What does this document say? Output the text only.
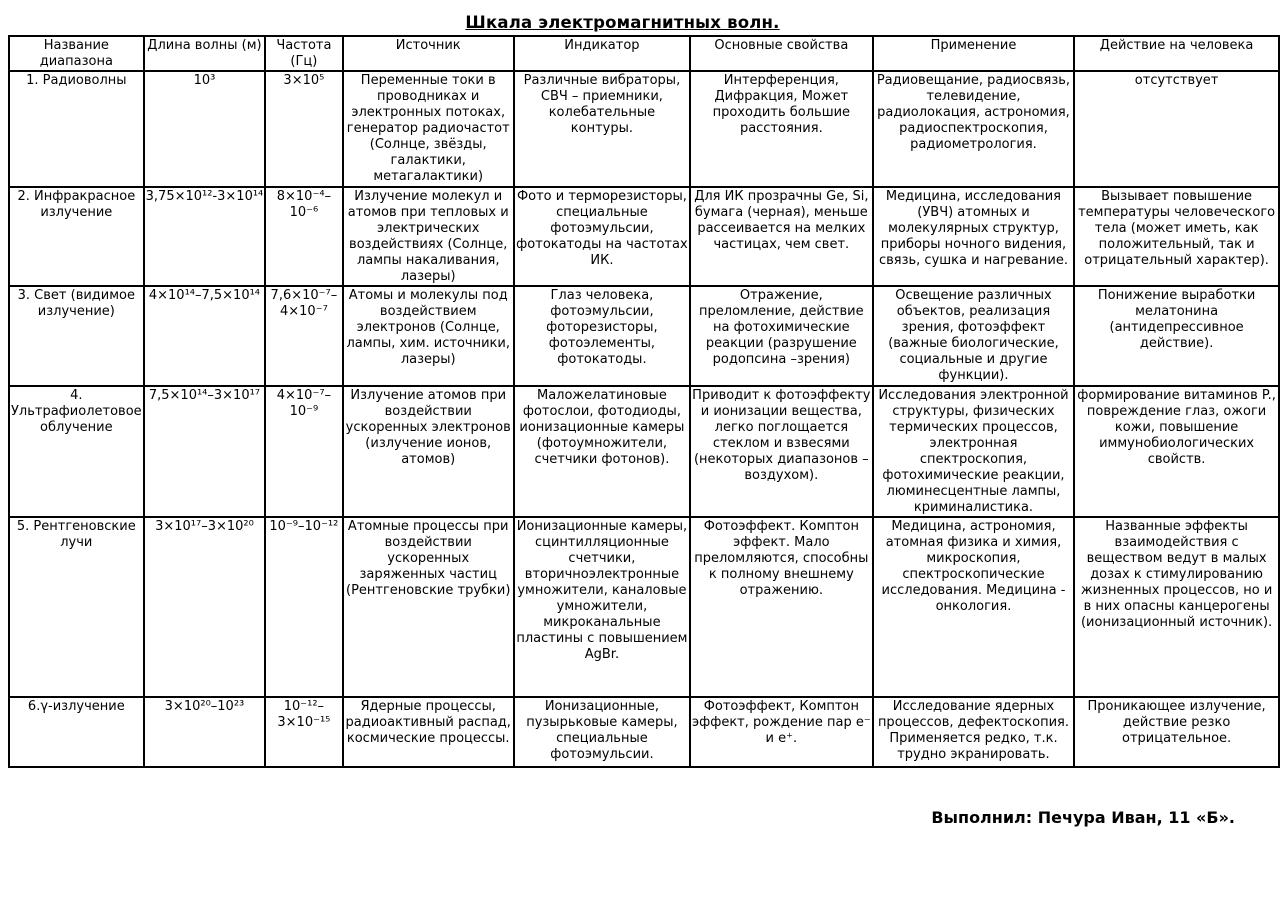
Шкала электромагнитных волн.
Название диапазона	Длина волны (м)	Частота (Гц)	Источник	Индикатор	Основные свойства	Применение	Действие на человека
1. Радиоволны	10³	3×10⁵	Переменные токи в проводниках и электронных потоках, генератор радиочастот (Солнце, звёзды, галактики, метагалактики)	Различные вибраторы, СВЧ – приемники, колебательные контуры.	Интерференция, Дифракция, Может проходить большие расстояния.	Радиовещание, радиосвязь, телевидение, радиолокация, астрономия, радиоспектроскопия, радиометрология.	отсутствует
2. Инфракрасное излучение	3,75×10¹²-3×10¹⁴	8×10⁻⁴–10⁻⁶	Излучение молекул и атомов при тепловых и электрических воздействиях (Солнце, лампы накаливания, лазеры)	Фото и терморезисторы, специальные фотоэмульсии, фотокатоды на частотах ИК.	Для ИК прозрачны Ge, Si, бумага (черная), меньше рассеивается на мелких частицах, чем свет.	Медицина, исследования (УВЧ) атомных и молекулярных структур, приборы ночного видения, связь, сушка и нагревание.	Вызывает повышение температуры человеческого тела (может иметь, как положительный, так и отрицательный характер).
3. Свет (видимое излучение)	4×10¹⁴–7,5×10¹⁴	7,6×10⁻⁷–4×10⁻⁷	Атомы и молекулы под воздействием электронов (Солнце, лампы, хим. источники, лазеры)	Глаз человека, фотоэмульсии, фоторезисторы, фотоэлементы, фотокатоды.	Отражение, преломление, действие на фотохимические реакции (разрушение родопсина –зрения)	Освещение различных объектов, реализация зрения, фотоэффект (важные биологические, социальные и другие функции).	Понижение выработки мелатонина (антидепрессивное действие).
4. Ультрафиолетовое облучение	7,5×10¹⁴–3×10¹⁷	4×10⁻⁷–10⁻⁹	Излучение атомов при воздействии ускоренных электронов (излучение ионов, атомов)	Маложелатиновые фотослои, фотодиоды, ионизационные камеры (фотоумножители, счетчики фотонов).	Приводит к фотоэффекту и ионизации вещества, легко поглощается стеклом и взвесями (некоторых диапазонов – воздухом).	Исследования электронной структуры, физических термических процессов, электронная спектроскопия, фотохимические реакции, люминесцентные лампы, криминалистика.	формирование витаминов P., повреждение глаз, ожоги кожи, повышение иммунобиологических свойств.
5. Рентгеновские лучи	3×10¹⁷–3×10²⁰	10⁻⁹–10⁻¹²	Атомные процессы при воздействии ускоренных заряженных частиц (Рентгеновские трубки)	Ионизационные камеры, сцинтилляционные счетчики, вторичноэлектронные умножители, каналовые умножители, микроканальные пластины с повышением AgBr.	Фотоэффект. Комптон эффект. Мало преломляются, способны к полному внешнему отражению.	Медицина, астрономия, атомная физика и химия, микроскопия, спектроскопические исследования. Медицина - онкология.	Названные эффекты взаимодействия с веществом ведут в малых дозах к стимулированию жизненных процессов, но и в них опасны канцерогены (ионизационный источник).
6.γ-излучение	3×10²⁰–10²³	10⁻¹²–3×10⁻¹⁵	Ядерные процессы, радиоактивный распад, космические процессы.	Ионизационные, пузырьковые камеры, специальные фотоэмульсии.	Фотоэффект, Комптон эффект, рождение пар e⁻ и e⁺.	Исследование ядерных процессов, дефектоскопия. Применяется редко, т.к. трудно экранировать.	Проникающее излучение, действие резко отрицательное.
Выполнил: Печура Иван, 11 «Б».
